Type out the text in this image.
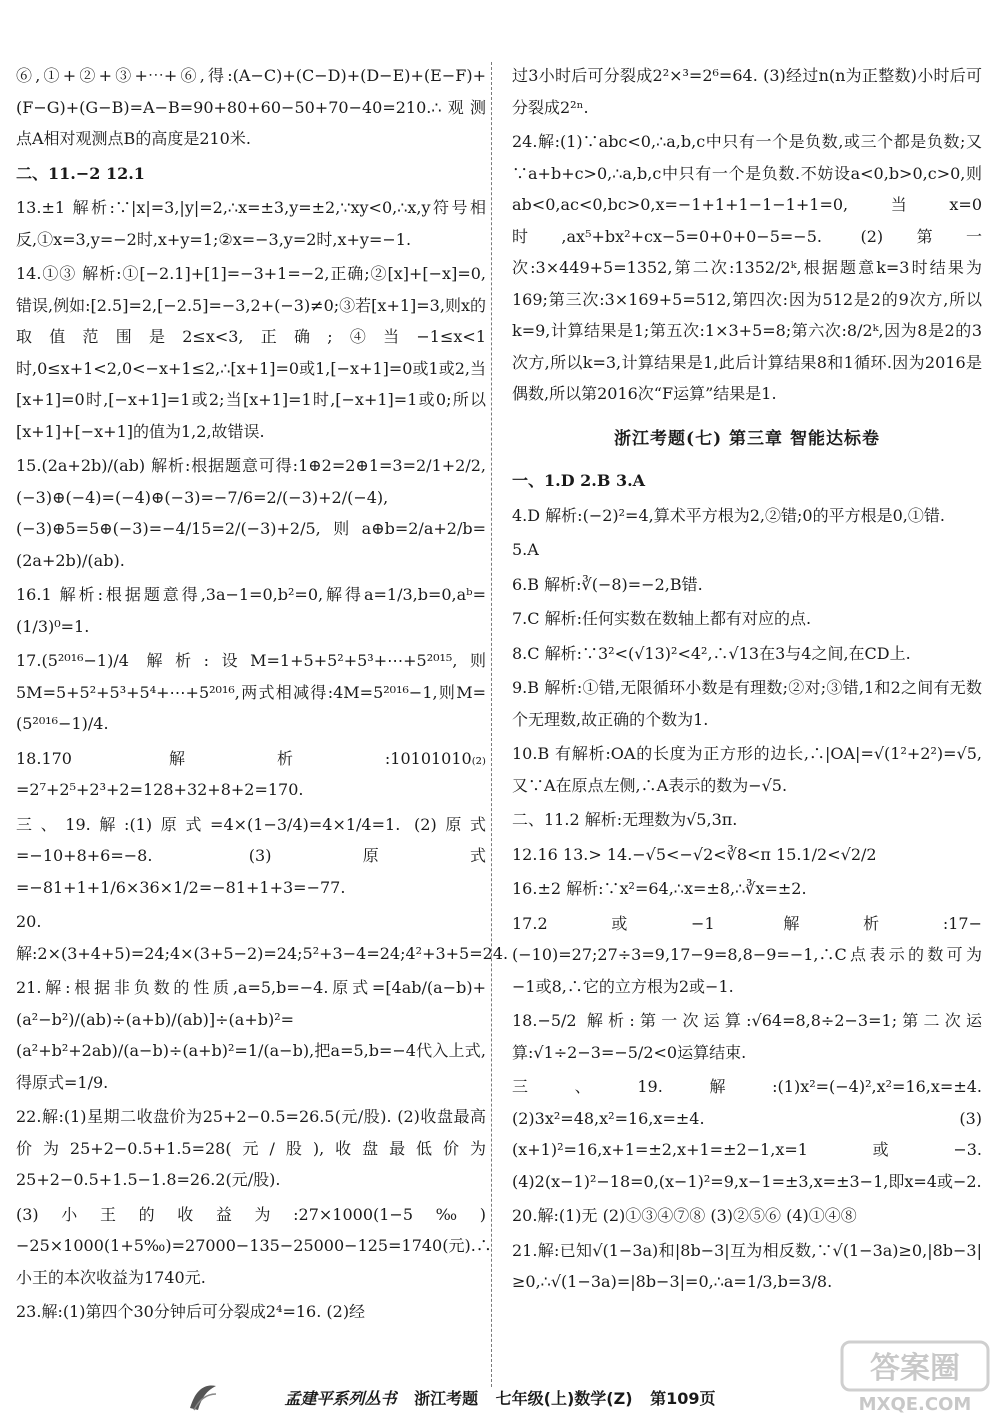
⑥,①+②+③+⋯+⑥,得:(A−C)+(C−D)+(D−E)+(E−F)+(F−G)+(G−B)=A−B=90+80+60−50+70−40=210.∴观测点A相对观测点B的高度是210米.

二、11.−2 12.1

13.±1 解析:∵|x|=3,|y|=2,∴x=±3,y=±2,∵xy<0,∴x,y符号相反,①x=3,y=−2时,x+y=1;②x=−3,y=2时,x+y=−1.

14.①③ 解析:①[−2.1]+[1]=−3+1=−2,正确;②[x]+[−x]=0,错误,例如:[2.5]=2,[−2.5]=−3,2+(−3)≠0;③若[x+1]=3,则x的取值范围是2≤x<3,正确;④当−1≤x<1时,0≤x+1<2,0<−x+1≤2,∴[x+1]=0或1,[−x+1]=0或1或2,当[x+1]=0时,[−x+1]=1或2;当[x+1]=1时,[−x+1]=1或0;所以[x+1]+[−x+1]的值为1,2,故错误.

15.(2a+2b)/(ab) 解析:根据题意可得:1⊕2=2⊕1=3=2/1+2/2,(−3)⊕(−4)=(−4)⊕(−3)=−7/6=2/(−3)+2/(−4),(−3)⊕5=5⊕(−3)=−4/15=2/(−3)+2/5,则a⊕b=2/a+2/b=(2a+2b)/(ab).

16.1 解析:根据题意得,3a−1=0,b²=0,解得a=1/3,b=0,aᵇ=(1/3)⁰=1.

17.(5²⁰¹⁶−1)/4 解析:设M=1+5+5²+5³+⋯+5²⁰¹⁵,则5M=5+5²+5³+5⁴+⋯+5²⁰¹⁶,两式相减得:4M=5²⁰¹⁶−1,则M=(5²⁰¹⁶−1)/4.

18.170 解析:10101010₍₂₎=2⁷+2⁵+2³+2=128+32+8+2=170.

三、19.解:(1)原式=4×(1−3/4)=4×1/4=1. (2)原式=−10+8+6=−8. (3)原式=−81+1+1/6×36×1/2=−81+1+3=−77.

20.解:2×(3+4+5)=24;4×(3+5−2)=24;5²+3−4=24;4²+3+5=24.

21.解:根据非负数的性质,a=5,b=−4.原式=[4ab/(a−b)+(a²−b²)/(ab)÷(a+b)/(ab)]÷(a+b)²=(a²+b²+2ab)/(a−b)÷(a+b)²=1/(a−b),把a=5,b=−4代入上式,得原式=1/9.

22.解:(1)星期二收盘价为25+2−0.5=26.5(元/股). (2)收盘最高价为25+2−0.5+1.5=28(元/股),收盘最低价为25+2−0.5+1.5−1.8=26.2(元/股).

(3)小王的收益为:27×1000(1−5‰)−25×1000(1+5‰)=27000−135−25000−125=1740(元).∴小王的本次收益为1740元.

23.解:(1)第四个30分钟后可分裂成2⁴=16. (2)经

过3小时后可分裂成2²×³=2⁶=64. (3)经过n(n为正整数)小时后可分裂成2²ⁿ.

24.解:(1)∵abc<0,∴a,b,c中只有一个是负数,或三个都是负数;又∵a+b+c>0,∴a,b,c中只有一个是负数.不妨设a<0,b>0,c>0,则ab<0,ac<0,bc>0,x=−1+1+1−1−1+1=0,当x=0时,ax⁵+bx²+cx−5=0+0+0−5=−5. (2)第一次:3×449+5=1352,第二次:1352/2ᵏ,根据题意k=3时结果为169;第三次:3×169+5=512,第四次:因为512是2的9次方,所以k=9,计算结果是1;第五次:1×3+5=8;第六次:8/2ᵏ,因为8是2的3次方,所以k=3,计算结果是1,此后计算结果8和1循环.因为2016是偶数,所以第2016次“F运算”结果是1.

浙江考题(七) 第三章 智能达标卷

一、1.D 2.B 3.A

4.D 解析:(−2)²=4,算术平方根为2,②错;0的平方根是0,①错.

5.A

6.B 解析:∛(−8)=−2,B错.

7.C 解析:任何实数在数轴上都有对应的点.

8.C 解析:∵3²<(√13)²<4²,∴√13在3与4之间,在CD上.

9.B 解析:①错,无限循环小数是有理数;②对;③错,1和2之间有无数个无理数,故正确的个数为1.

10.B 有解析:OA的长度为正方形的边长,∴|OA|=√(1²+2²)=√5,又∵A在原点左侧,∴A表示的数为−√5.

二、11.2 解析:无理数为√5,3π.

12.16 13.> 14.−√5<−√2<∛8<π 15.1/2<√2/2

16.±2 解析:∵x²=64,∴x=±8,∴∛x=±2.

17.2或−1 解析:17−(−10)=27;27÷3=9,17−9=8,8−9=−1,∴C点表示的数可为−1或8,∴它的立方根为2或−1.

18.−5/2 解析:第一次运算:√64=8,8÷2−3=1;第二次运算:√1÷2−3=−5/2<0运算结束.

三、19.解:(1)x²=(−4)²,x²=16,x=±4. (2)3x²=48,x²=16,x=±4. (3)(x+1)²=16,x+1=±2,x+1=±2−1,x=1或−3. (4)2(x−1)²−18=0,(x−1)²=9,x−1=±3,x=±3−1,即x=4或−2.

20.解:(1)无 (2)①③④⑦⑧ (3)②⑤⑥ (4)①④⑧

21.解:已知√(1−3a)和|8b−3|互为相反数,∵√(1−3a)≥0,|8b−3|≥0,∴√(1−3a)=|8b−3|=0,∴a=1/3,b=3/8.

孟建平系列丛书 浙江考题 七年级(上)数学(Z) 第109页
答案圈
MXQE.COM
